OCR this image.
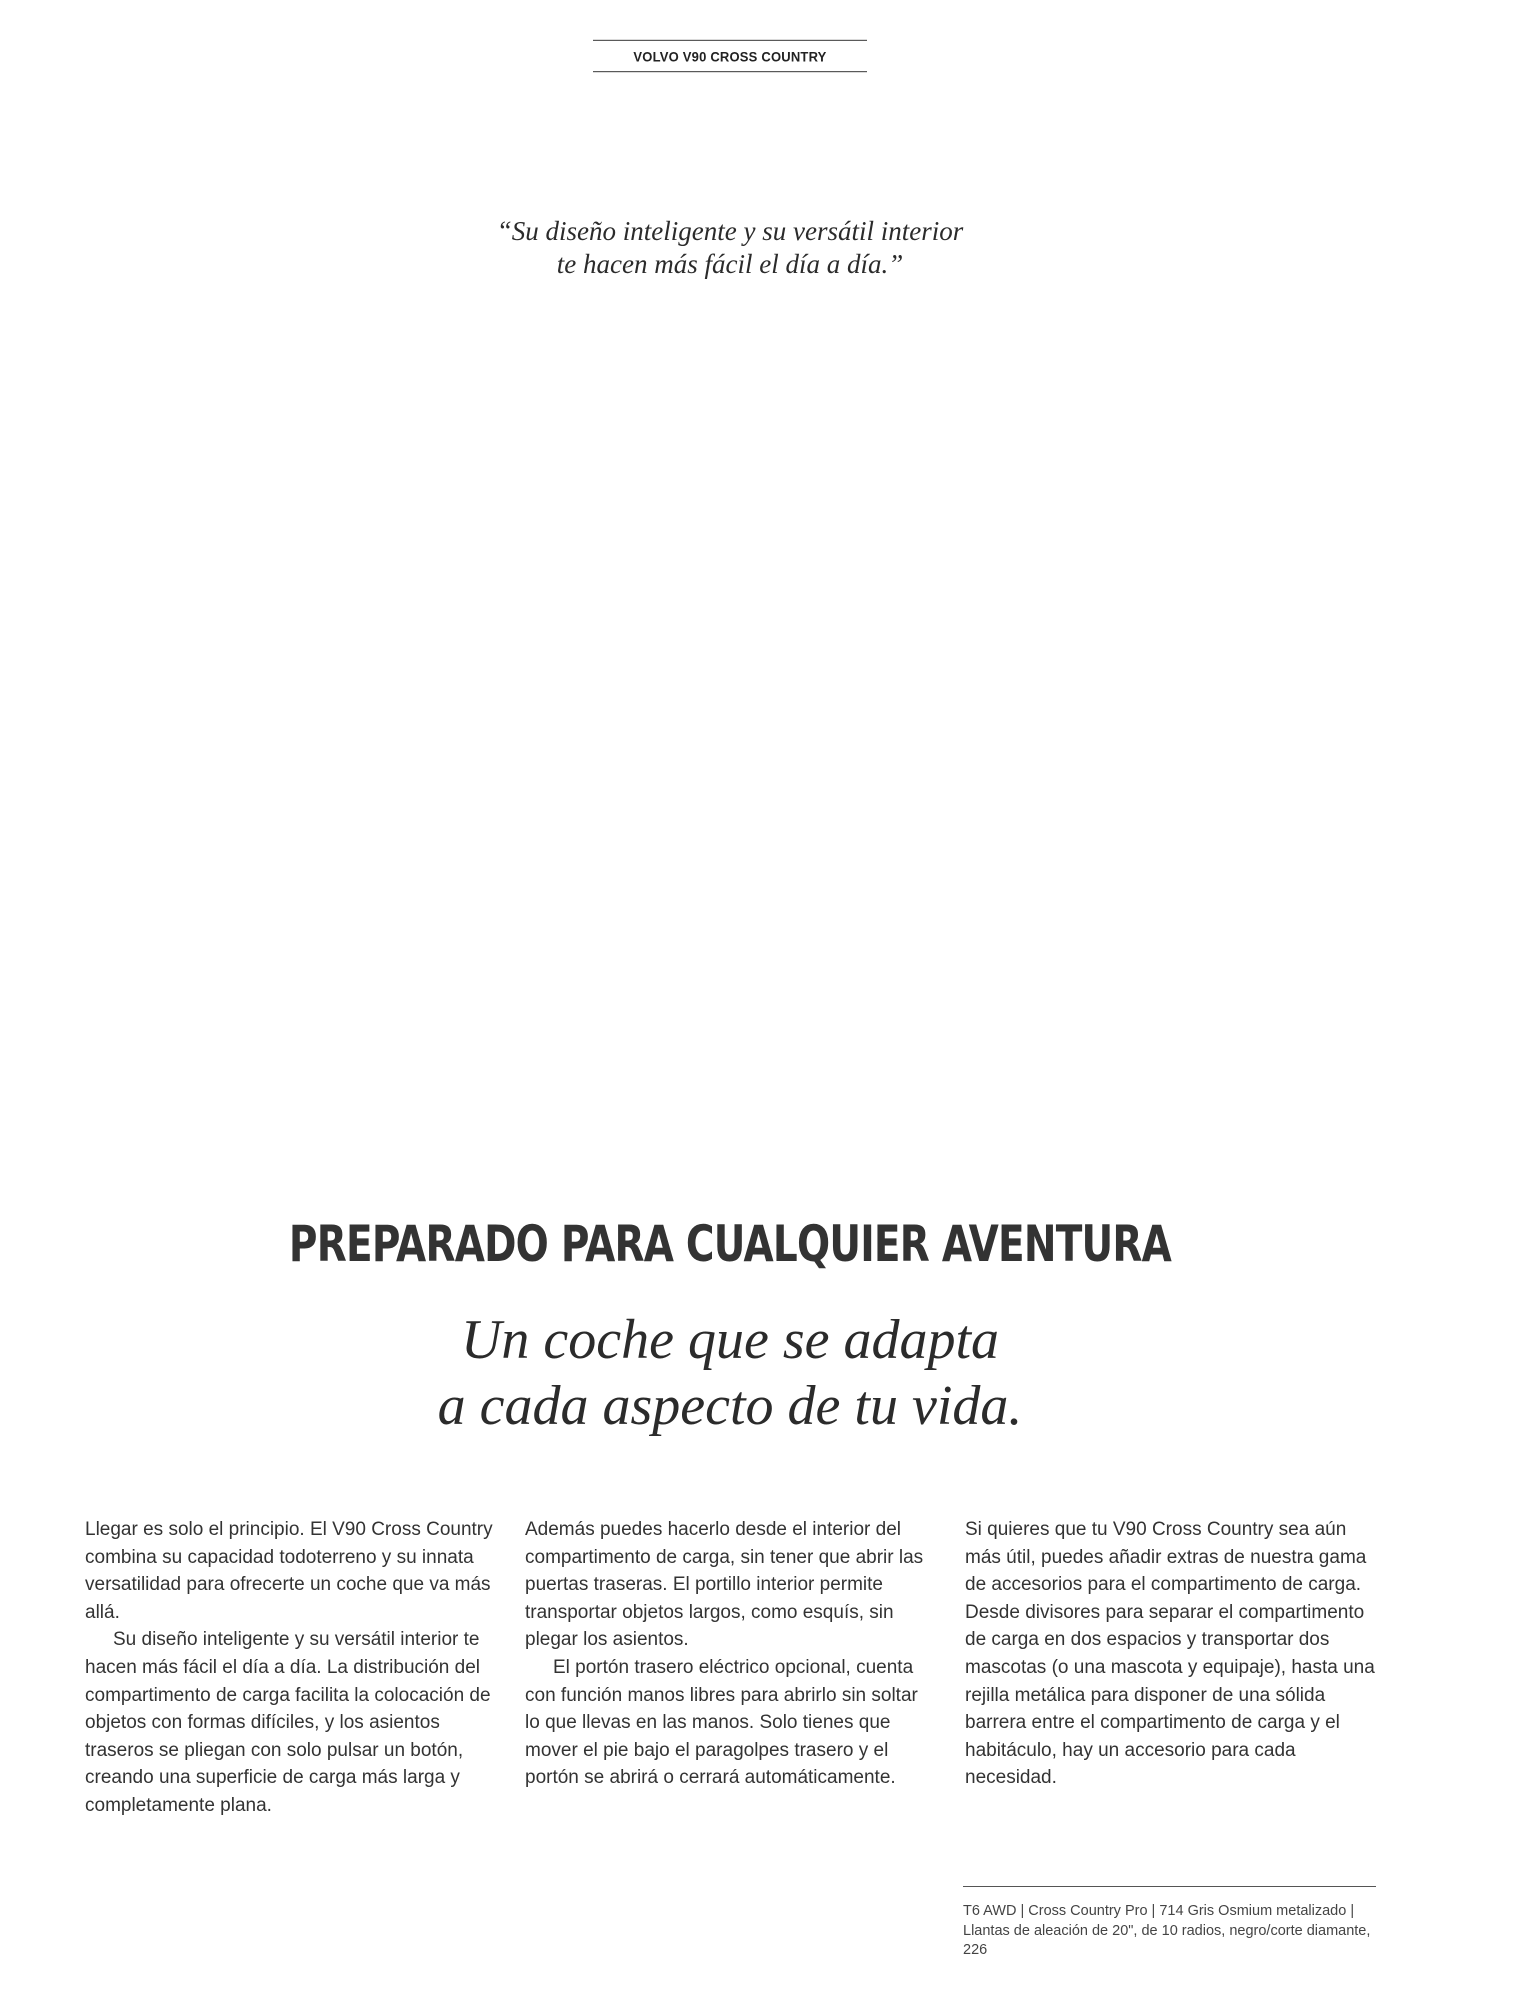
VOLVO V90 CROSS COUNTRY
“Su diseño inteligente y su versátil interior
te hacen más fácil el día a día.”
PREPARADO PARA CUALQUIER AVENTURA
Un coche que se adapta
a cada aspecto de tu vida.

Llegar es solo el principio. El V90 Cross Country combina su capacidad todoterreno y su innata versatilidad para ofrecerte un coche que va más allá.

Su diseño inteligente y su versátil interior te hacen más fácil el día a día. La distribución del compartimento de carga facilita la colocación de objetos con formas difíciles, y los asientos traseros se pliegan con solo pulsar un botón, creando una superficie de carga más larga y completamente plana.

Además puedes hacerlo desde el interior del compartimento de carga, sin tener que abrir las puertas traseras. El portillo interior permite transportar objetos largos, como esquís, sin plegar los asientos.

El portón trasero eléctrico opcional, cuenta con función manos libres para abrirlo sin soltar lo que llevas en las manos. Solo tienes que mover el pie bajo el paragolpes trasero y el portón se abrirá o cerrará automáticamente.

Si quieres que tu V90 Cross Country sea aún más útil, puedes añadir extras de nuestra gama de accesorios para el compartimento de carga. Desde divisores para separar el compartimento de carga en dos espacios y transportar dos mascotas (o una mascota y equipaje), hasta una rejilla metálica para disponer de una sólida barrera entre el compartimento de carga y el habitáculo, hay un accesorio para cada necesidad.

T6 AWD | Cross Country Pro | 714 Gris Osmium metalizado | Llantas de aleación de 20", de 10 radios, negro/corte diamante, 226
